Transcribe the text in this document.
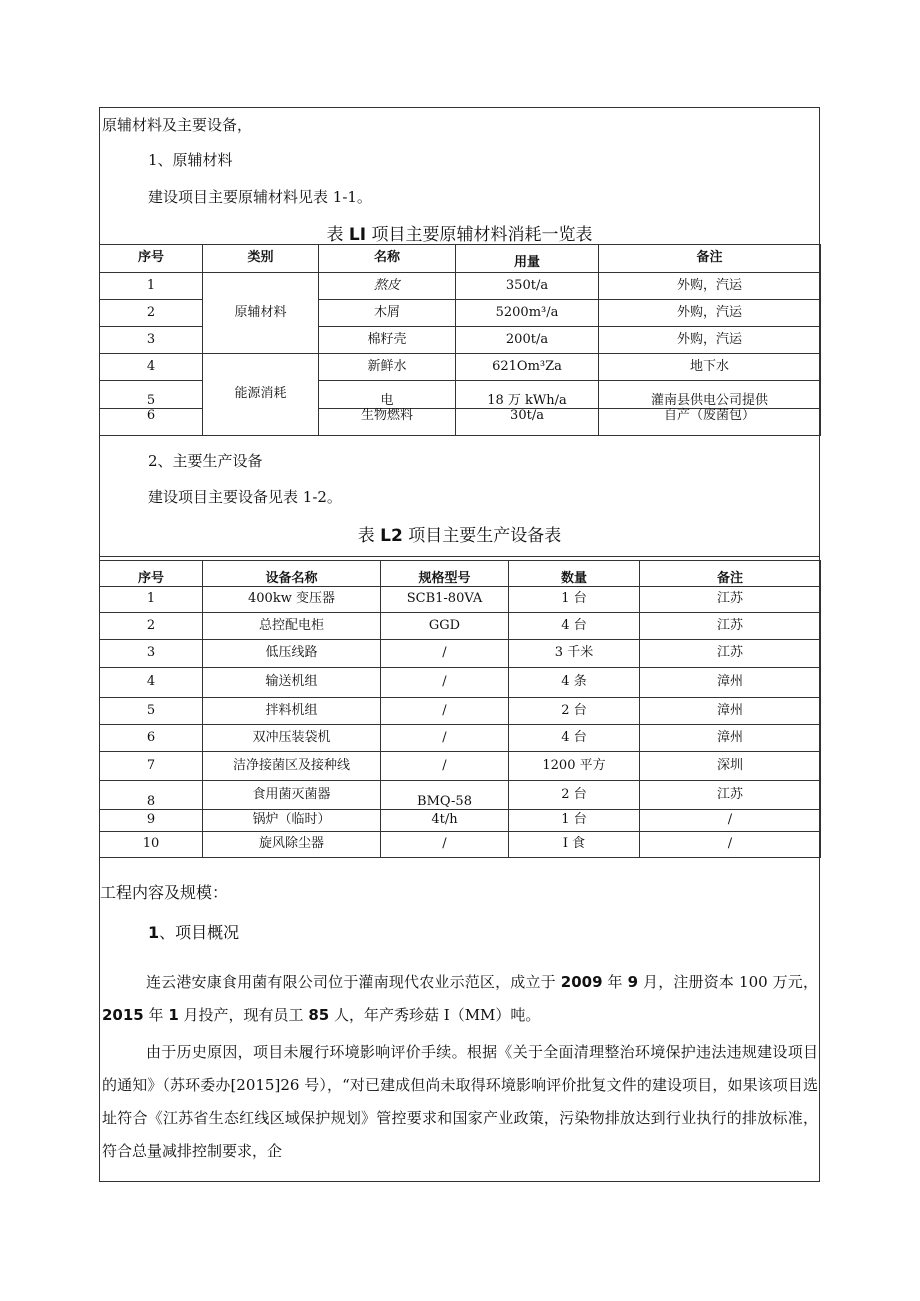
原辅材料及主要设备，
1、原辅材料
建设项目主要原辅材料见表 1-1。
表 LI 项目主要原辅材料消耗一览表
序号	类别	名称	用量	备注
1	原辅材料	熬皮	350t/a	外购，汽运
2		木屑	5200m³/a	外购，汽运
3		棉籽壳	200t/a	外购，汽运
4	能源消耗	新鲜水	621Om³Za	地下水
5		电	18 万 kWh/a	灌南县供电公司提供
6		生物燃料	30t/a	自产（废菌包）
2、主要生产设备
建设项目主要设备见表 1-2。
表 L2 项目主要生产设备表
序号	设备名称	规格型号	数量	备注
1	400kw 变压器	SCB1-80VA	1 台	江苏
2	总控配电柜	GGD	4 台	江苏
3	低压线路	/	3 千米	江苏
4	输送机组	/	4 条	漳州
5	拌料机组	/	2 台	漳州
6	双冲压装袋机	/	4 台	漳州
7	洁净接菌区及接种线	/	1200 平方	深圳
8	食用菌灭菌器	BMQ-58	2 台	江苏
9	锅炉（临时）	4t/h	1 台	/
10	旋风除尘器	/	I 食	/
工程内容及规模：
1、项目概况

连云港安康食用菌有限公司位于灌南现代农业示范区，成立于 2009 年 9 月，注册资本 100 万元， 2015 年 1 月投产，现有员工 85 人，年产秀珍菇 I（MM）吨。

由于历史原因，项目未履行环境影响评价手续。根据《关于全面清理整治环境保护违法违规建设项目的通知》（苏环委办[2015]26 号），“对已建成但尚未取得环境影响评价批复文件的建设项目，如果该项目选址符合《江苏省生态红线区域保护规划》管控要求和国家产业政策，污染物排放达到行业执行的排放标准，符合总量减排控制要求，企
